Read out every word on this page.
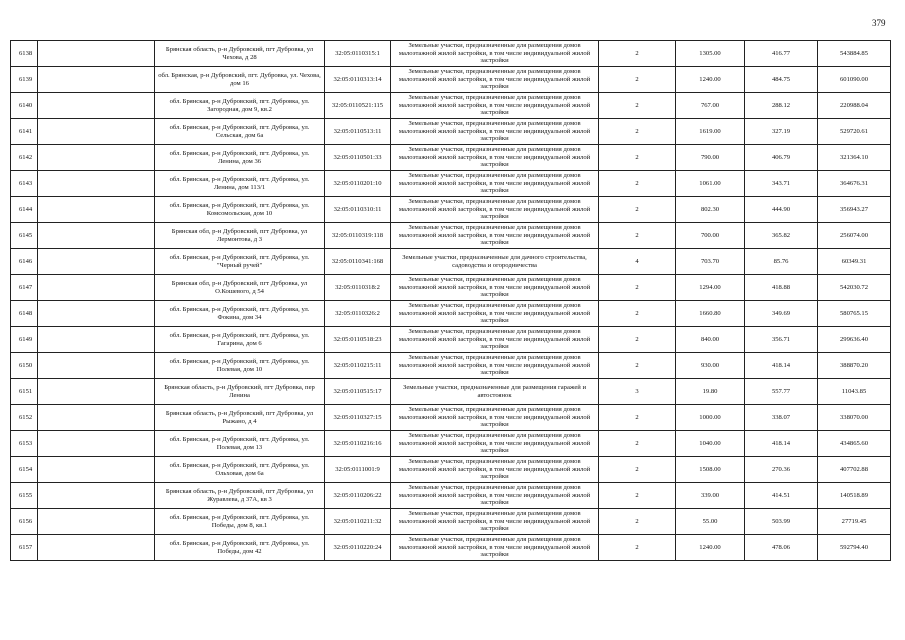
379
6138		Брянская область, р-н Дубровский, пгт Дубровка, ул Чехова, д 28	32:05:0110315:1	Земельные участки, предназначенные для размещения домов малоэтажной жилой застройки, в том числе индивидуальной жилой застройки	2	1305.00	416.77	543884.85
6139		обл. Брянская, р-н Дубровский, пгт. Дубровка, ул. Чехова, дом 16	32:05:0110313:14	Земельные участки, предназначенные для размещения домов малоэтажной жилой застройки, в том числе индивидуальной жилой застройки	2	1240.00	484.75	601090.00
6140		обл. Брянская, р-н Дубровский, пгт. Дубровка, ул. Загородная, дом 9, кв.2	32:05:0110521:115	Земельные участки, предназначенные для размещения домов малоэтажной жилой застройки, в том числе индивидуальной жилой застройки	2	767.00	288.12	220988.04
6141		обл. Брянская, р-н Дубровский, пгт. Дубровка, ул. Сельская, дом 6а	32:05:0110513:11	Земельные участки, предназначенные для размещения домов малоэтажной жилой застройки, в том числе индивидуальной жилой застройки	2	1619.00	327.19	529720.61
6142		обл. Брянская, р-н Дубровский, пгт. Дубровка, ул. Ленина, дом 36	32:05:0110501:33	Земельные участки, предназначенные для размещения домов малоэтажной жилой застройки, в том числе индивидуальной жилой застройки	2	790.00	406.79	321364.10
6143		обл. Брянская, р-н Дубровский, пгт. Дубровка, ул. Ленина, дом 113/1	32:05:0110201:10	Земельные участки, предназначенные для размещения домов малоэтажной жилой застройки, в том числе индивидуальной жилой застройки	2	1061.00	343.71	364676.31
6144		обл. Брянская, р-н Дубровский, пгт. Дубровка, ул. Комсомольская, дом 10	32:05:0110310:11	Земельные участки, предназначенные для размещения домов малоэтажной жилой застройки, в том числе индивидуальной жилой застройки	2	802.30	444.90	356943.27
6145		Брянская обл, р-н Дубровский, пгт Дубровка, ул Лермонтова, д 3	32:05:0110319:118	Земельные участки, предназначенные для размещения домов малоэтажной жилой застройки, в том числе индивидуальной жилой застройки	2	700.00	365.82	256074.00
6146		обл. Брянская, р-н Дубровский, пгт. Дубровка, ул. "Черный ручей"	32:05:0110341:168	Земельные участки, предназначенные для дачного строительства, садоводства и огородничества	4	703.70	85.76	60349.31
6147		Брянская обл, р-н Дубровский, пгт Дубровка, ул О.Кошевого, д 54	32:05:0110318:2	Земельные участки, предназначенные для размещения домов малоэтажной жилой застройки, в том числе индивидуальной жилой застройки	2	1294.00	418.88	542030.72
6148		обл. Брянская, р-н Дубровский, пгт. Дубровка, ул. Фокина, дом 34	32:05:0110326:2	Земельные участки, предназначенные для размещения домов малоэтажной жилой застройки, в том числе индивидуальной жилой застройки	2	1660.80	349.69	580765.15
6149		обл. Брянская, р-н Дубровский, пгт. Дубровка, ул. Гагарина, дом 6	32:05:0110518:23	Земельные участки, предназначенные для размещения домов малоэтажной жилой застройки, в том числе индивидуальной жилой застройки	2	840.00	356.71	299636.40
6150		обл. Брянская, р-н Дубровский, пгт. Дубровка, ул. Полевая, дом 10	32:05:0110215:11	Земельные участки, предназначенные для размещения домов малоэтажной жилой застройки, в том числе индивидуальной жилой застройки	2	930.00	418.14	388870.20
6151		Брянская область, р-н Дубровский, пгт Дубровка, пер Ленина	32:05:0110515:17	Земельные участки, предназначенные для размещения гаражей и автостоянок	3	19.80	557.77	11043.85
6152		Брянская область, р-н Дубровский, пгт Дубровка, ул Рыжано, д 4	32:05:0110327:15	Земельные участки, предназначенные для размещения домов малоэтажной жилой застройки, в том числе индивидуальной жилой застройки	2	1000.00	338.07	338070.00
6153		обл. Брянская, р-н Дубровский, пгт. Дубровка, ул. Полевая, дом 13	32:05:0110216:16	Земельные участки, предназначенные для размещения домов малоэтажной жилой застройки, в том числе индивидуальной жилой застройки	2	1040.00	418.14	434865.60
6154		обл. Брянская, р-н Дубровский, пгт. Дубровка, ул. Ольховая, дом 6а	32:05:0111001:9	Земельные участки, предназначенные для размещения домов малоэтажной жилой застройки, в том числе индивидуальной жилой застройки	2	1508.00	270.36	407702.88
6155		Брянская область, р-н Дубровский, пгт Дубровка, ул Журавлева, д 37А, кв 3	32:05:0110206:22	Земельные участки, предназначенные для размещения домов малоэтажной жилой застройки, в том числе индивидуальной жилой застройки	2	339.00	414.51	140518.89
6156		обл. Брянская, р-н Дубровский, пгт. Дубровка, ул. Победы, дом 8, кв.1	32:05:0110211:32	Земельные участки, предназначенные для размещения домов малоэтажной жилой застройки, в том числе индивидуальной жилой застройки	2	55.00	503.99	27719.45
6157		обл. Брянская, р-н Дубровский, пгт. Дубровка, ул. Победы, дом 42	32:05:0110220:24	Земельные участки, предназначенные для размещения домов малоэтажной жилой застройки, в том числе индивидуальной жилой застройки	2	1240.00	478.06	592794.40
